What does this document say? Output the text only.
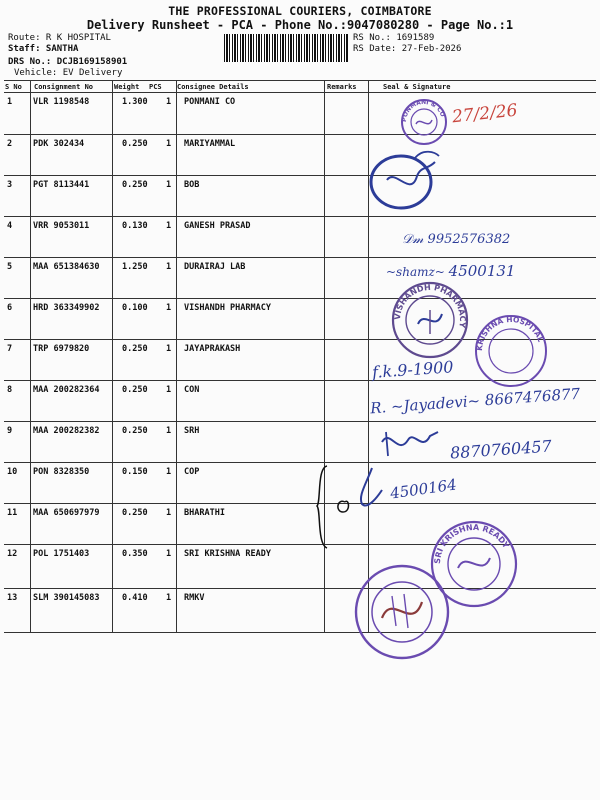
THE PROFESSIONAL COURIERS, COIMBATORE
Delivery Runsheet - PCA - Phone No.:9047080280 - Page No.:1
Route: R K HOSPITAL
Staff: SANTHA
DRS No.: DCJB169158901
Vehicle: EV Delivery
RS No.: 1691589
RS Date: 27-Feb-2026
S No Consignment No	Weight PCS Consignee Details	Remarks	Seal & Signature
1 VLR 1198548	1.300 1 PONMANI CO
2 PDK 302434	0.250 1 MARIYAMMAL
3 PGT 8113441	0.250 1 BOB
4 VRR 9053011	0.130 1 GANESH PRASAD
5 MAA 651384630	1.250 1 DURAIRAJ LAB
6 HRD 363349902	0.100 1 VISHANDH PHARMACY
7 TRP 6979820	0.250 1 JAYAPRAKASH
8 MAA 200282364	0.250 1 CON
9 MAA 200282382	0.250 1 SRH
10 PON 8328350	0.150 1 COP
11 MAA 650697979	0.250 1 BHARATHI
12 POL 1751403	0.350 1 SRI KRISHNA READY
13 SLM 390145083	0.410 1 RMKV
PONMANI & CO 27/2/26
𝒟𝓂 9952576382
~shamz~ 4500131
VISHANDH PHARMACY
KRISHNA HOSPITAL
f.k.9-1900
R. ~Jayadevi~ 8667476877
8870760457
4500164
SRI KRISHNA READY
